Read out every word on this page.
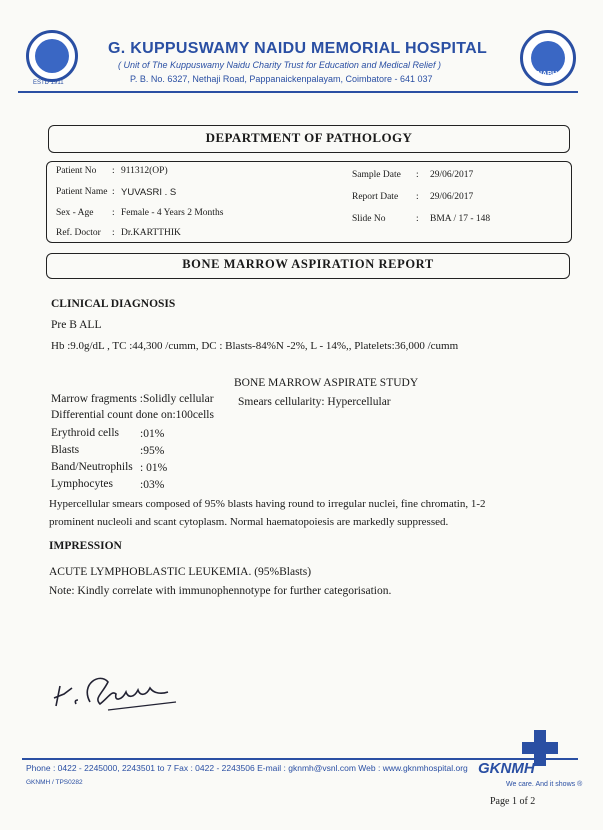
ESTD 1911
G. KUPPUSWAMY NAIDU MEMORIAL HOSPITAL
( Unit of The Kuppuswamy Naidu Charity Trust for Education and Medical Relief )
P. B. No. 6327, Nethaji Road, Pappanaickenpalayam, Coimbatore - 641 037	NABH
DEPARTMENT OF PATHOLOGY
Patient No : 911312(OP)
Patient Name : YUVASRI . S
Sex - Age : Female - 4 Years 2 Months
Ref. Doctor : Dr.KARTTHIK
Sample Date : 29/06/2017
Report Date : 29/06/2017
Slide No	: BMA / 17 - 148
BONE MARROW ASPIRATION REPORT
CLINICAL DIAGNOSIS
Pre B ALL
Hb :9.0g/dL , TC :44,300 /cumm, DC : Blasts-84%N -2%, L - 14%,, Platelets:36,000 /cumm
BONE MARROW ASPIRATE STUDY
Marrow fragments :Solidly cellular Smears cellularity: Hypercellular
Differential count done on:100cells
Erythroid cells :01%
Blasts	:95%
Band/Neutrophils : 01%
Lymphocytes :03%
Hypercellular smears composed of 95% blasts having round to irregular nuclei, fine chromatin, 1-2
prominent nucleoli and scant cytoplasm. Normal haematopoiesis are markedly suppressed.
IMPRESSION
ACUTE LYMPHOBLASTIC LEUKEMIA. (95%Blasts)
Note: Kindly correlate with immunophennotype for further categorisation.
Phone : 0422 - 2245000, 2243501 to 7 Fax : 0422 - 2243506 E-mail : gknmh@vsnl.com Web : www.gknmhospital.org
GKNMH / TPS0282
GKNMH
We care. And it shows ®
Page 1 of 2
